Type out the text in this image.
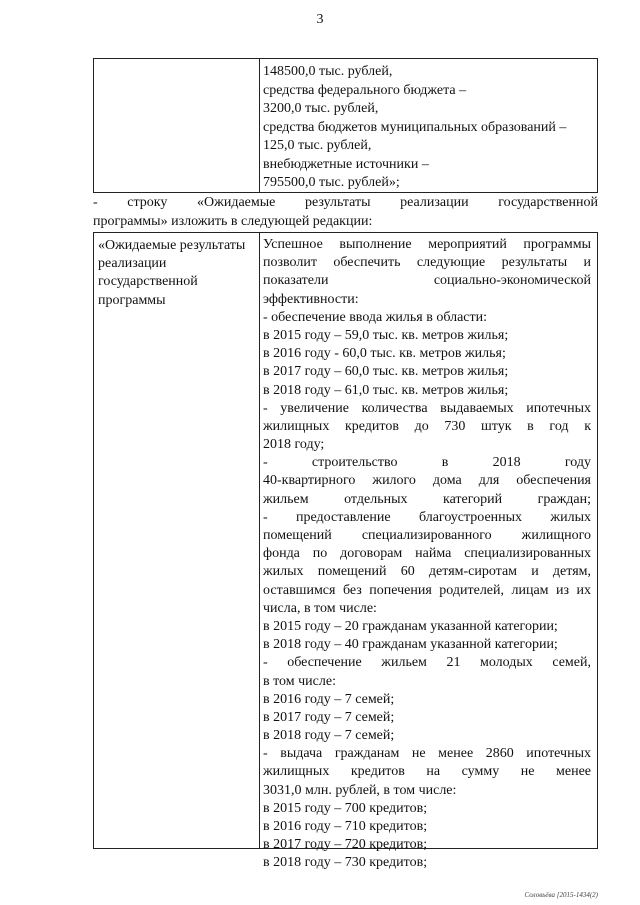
3
148500,0 тыс. рублей,
средства федерального бюджета –
3200,0 тыс. рублей,
средства бюджетов муниципальных образований –
125,0 тыс. рублей,
внебюджетные источники –
795500,0 тыс. рублей»;
- строку «Ожидаемые результаты реализации государственной
программы» изложить в следующей редакции:
«Ожидаемые результаты
реализации
государственной
программы
Успешное выполнение мероприятий программы
позволит обеспечить следующие результаты и
показатели социально-экономической
эффективности:
- обеспечение ввода жилья в области:
в 2015 году – 59,0 тыс. кв. метров жилья;
в 2016 году - 60,0 тыс. кв. метров жилья;
в 2017 году – 60,0 тыс. кв. метров жилья;
в 2018 году – 61,0 тыс. кв. метров жилья;
- увеличение количества выдаваемых ипотечных
жилищных кредитов до 730 штук в год к
2018 году;
- строительство в 2018 году
40-квартирного жилого дома для обеспечения
жильем отдельных категорий граждан;
- предоставление благоустроенных жилых
помещений специализированного жилищного
фонда по договорам найма специализированных
жилых помещений 60 детям-сиротам и детям,
оставшимся без попечения родителей, лицам из их
числа, в том числе:
в 2015 году – 20 гражданам указанной категории;
в 2018 году – 40 гражданам указанной категории;
- обеспечение жильем 21 молодых семей,
в том числе:
в 2016 году – 7 семей;
в 2017 году – 7 семей;
в 2018 году – 7 семей;
- выдача гражданам не менее 2860 ипотечных
жилищных кредитов на сумму не менее
3031,0 млн. рублей, в том числе:
в 2015 году – 700 кредитов;
в 2016 году – 710 кредитов;
в 2017 году – 720 кредитов;
в 2018 году – 730 кредитов;
Соловьёва [2015-1434(2)
